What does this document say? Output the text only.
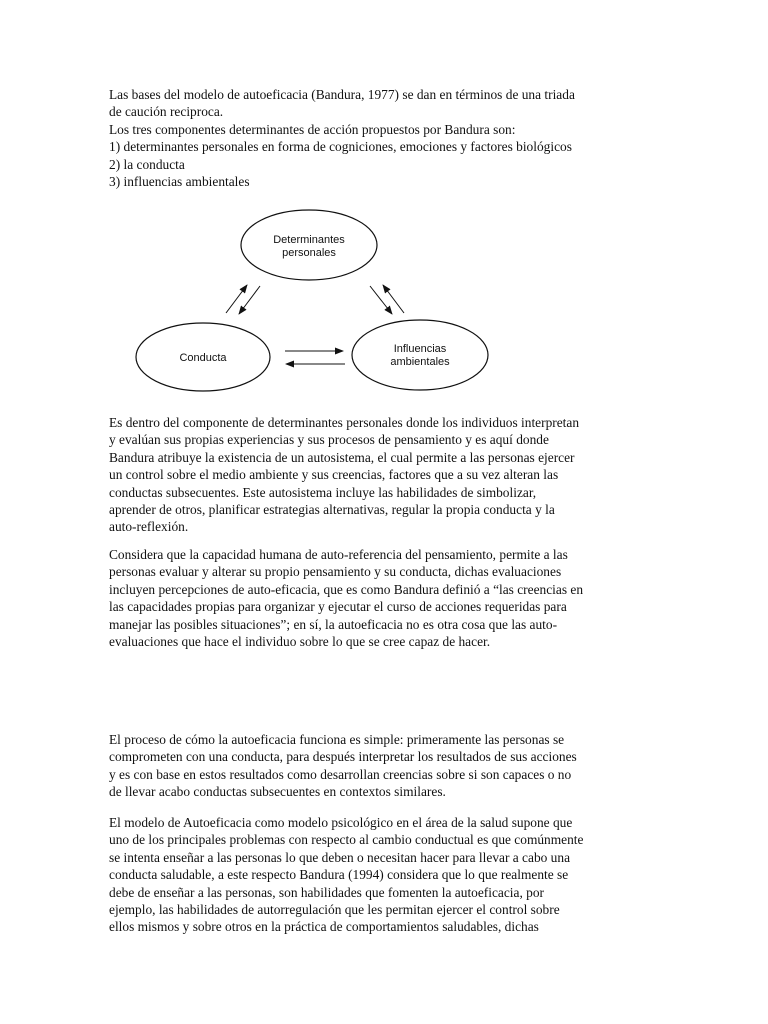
Las bases del modelo de autoeficacia (Bandura, 1977) se dan en términos de una triada
de caución reciproca.
Los tres componentes determinantes de acción propuestos por Bandura son:
1) determinantes personales en forma de cogniciones, emociones y factores biológicos
2) la conducta
3) influencias ambientales
Determinantes
personales
Conducta
Influencias
ambientales
Es dentro del componente de determinantes personales donde los individuos interpretan
y evalúan sus propias experiencias y sus procesos de pensamiento y es aquí donde
Bandura atribuye la existencia de un autosistema, el cual permite a las personas ejercer
un control sobre el medio ambiente y sus creencias, factores que a su vez alteran las
conductas subsecuentes. Este autosistema incluye las habilidades de simbolizar,
aprender de otros, planificar estrategias alternativas, regular la propia conducta y la
auto-reflexión.
Considera que la capacidad humana de auto-referencia del pensamiento, permite a las
personas evaluar y alterar su propio pensamiento y su conducta, dichas evaluaciones
incluyen percepciones de auto-eficacia, que es como Bandura definió a “las creencias en
las capacidades propias para organizar y ejecutar el curso de acciones requeridas para
manejar las posibles situaciones”; en sí, la autoeficacia no es otra cosa que las auto-
evaluaciones que hace el individuo sobre lo que se cree capaz de hacer.
El proceso de cómo la autoeficacia funciona es simple: primeramente las personas se
comprometen con una conducta, para después interpretar los resultados de sus acciones
y es con base en estos resultados como desarrollan creencias sobre si son capaces o no
de llevar acabo conductas subsecuentes en contextos similares.
El modelo de Autoeficacia como modelo psicológico en el área de la salud supone que
uno de los principales problemas con respecto al cambio conductual es que comúnmente
se intenta enseñar a las personas lo que deben o necesitan hacer para llevar a cabo una
conducta saludable, a este respecto Bandura (1994) considera que lo que realmente se
debe de enseñar a las personas, son habilidades que fomenten la autoeficacia, por
ejemplo, las habilidades de autorregulación que les permitan ejercer el control sobre
ellos mismos y sobre otros en la práctica de comportamientos saludables, dichas
